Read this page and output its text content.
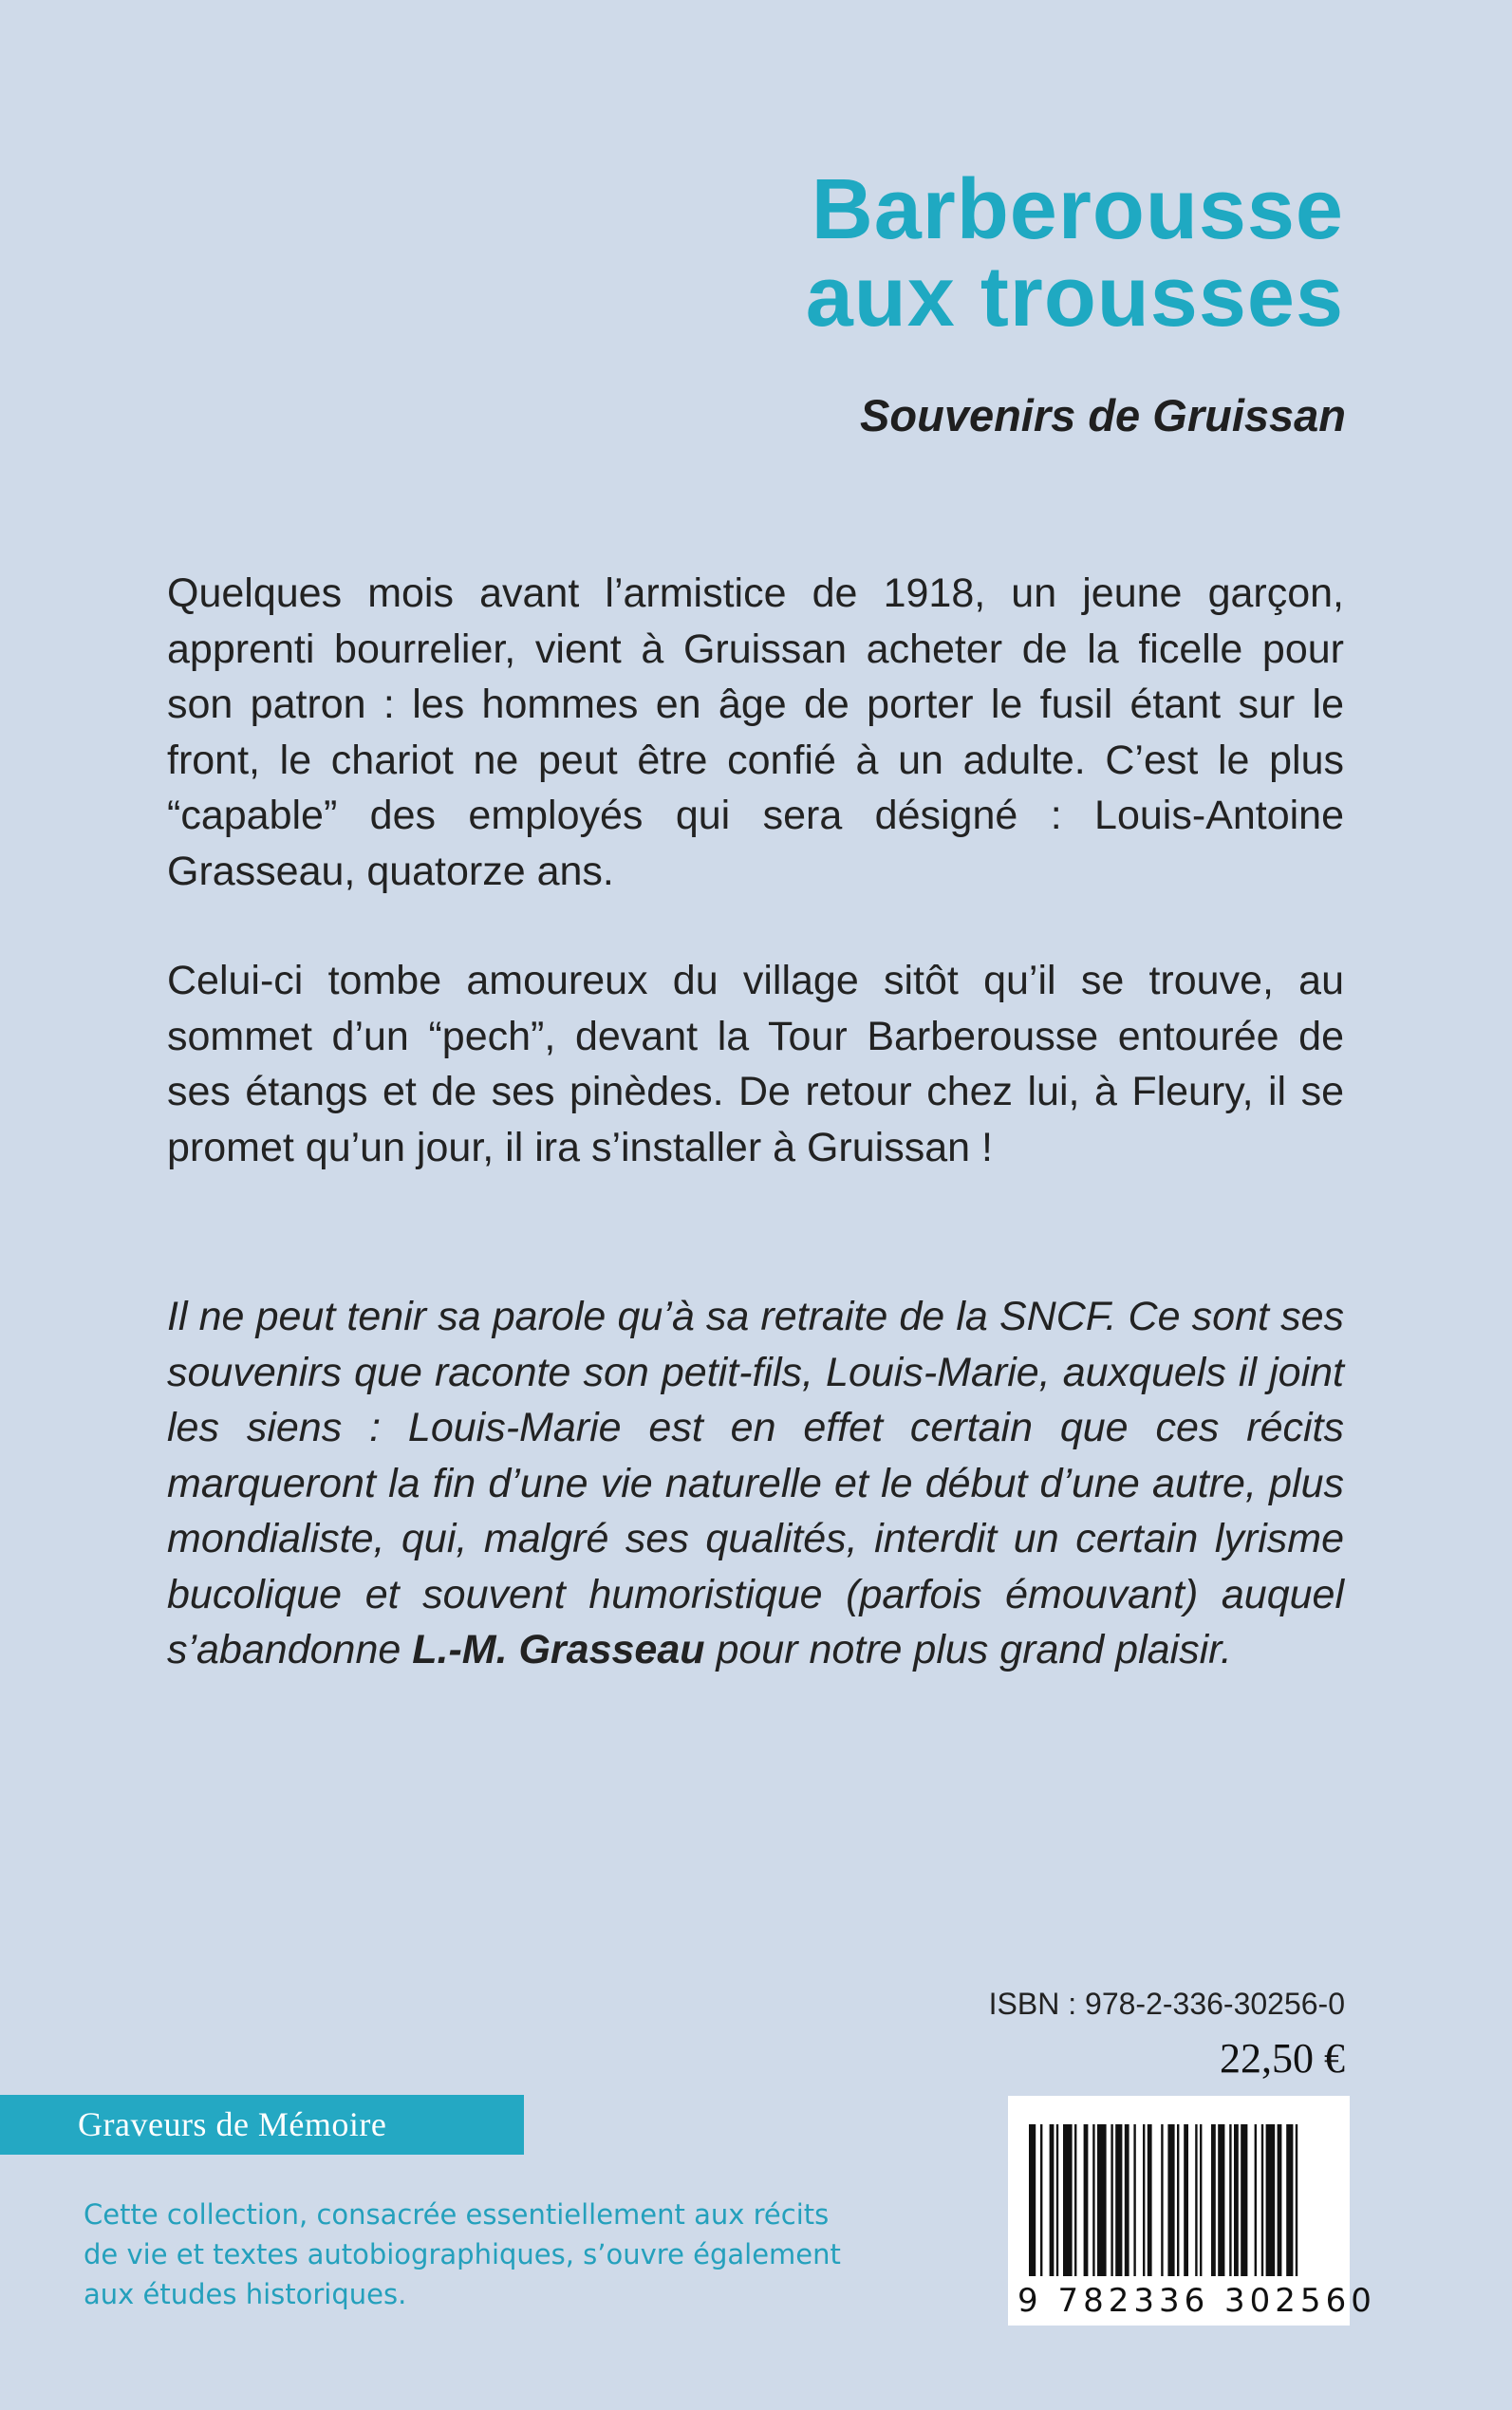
Barberousse

aux trousses

Souvenirs de Gruissan

Quelques mois avant l’armistice de 1918, un jeune garçon, apprenti bourrelier, vient à Gruissan acheter de la ficelle pour son patron : les hommes en âge de porter le fusil étant sur le front, le chariot ne peut être confié à un adulte. C’est le plus “capable” des employés qui sera désigné : Louis-Antoine Grasseau, quatorze ans.

Celui-ci tombe amoureux du village sitôt qu’il se trouve, au sommet d’un “pech”, devant la Tour Barberousse entourée de ses étangs et de ses pinèdes. De retour chez lui, à Fleury, il se promet qu’un jour, il ira s’installer à Gruissan !

Il ne peut tenir sa parole qu’à sa retraite de la SNCF. Ce sont ses souvenirs que raconte son petit-fils, Louis-Marie, auxquels il joint les siens : Louis-Marie est en effet certain que ces récits marqueront la fin d’une vie naturelle et le début d’une autre, plus mondialiste, qui, malgré ses qualités, interdit un certain lyrisme bucolique et souvent humoristique (parfois émouvant) auquel s’abandonne L.-M. Grasseau pour notre plus grand plaisir.

ISBN : 978-2-336-30256-0
22,50 €
Graveurs de Mémoire

Cette collection, consacrée essentiellement aux récits de vie et textes autobiographiques, s’ouvre également aux études historiques.	9 782336 302560
